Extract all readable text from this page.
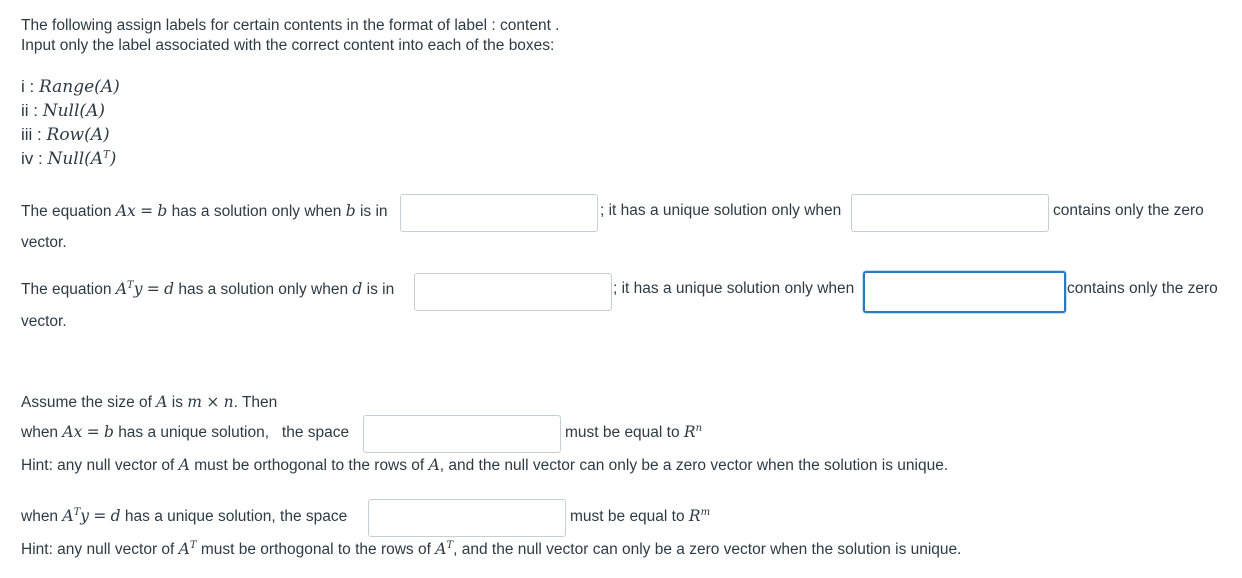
The following assign labels for certain contents in the format of label : content .
Input only the label associated with the correct content into each of the boxes:
i : Range(A)
ii : Null(A)
iii : Row(A)
iv : $Null(A^T)$
The equation Ax = b has a solution only when b is in	; it has a unique solution only when	contains only the zero
vector.
The equation $A^Ty = d$ has a solution only when d is in	; it has a unique solution only when	contains only the zero
vector.
Assume the size of A is m × n. Then
when Ax = b has a unique solution, the space	must be equal to $R^n$
Hint: any null vector of A must be orthogonal to the rows of A, and the null vector can only be a zero vector when the solution is unique.
when $A^Ty = d$ has a unique solution, the space	must be equal to $R^m$
Hint: any null vector of $A^T$ must be orthogonal to the rows of $A^T$, and the null vector can only be a zero vector when the solution is unique.
